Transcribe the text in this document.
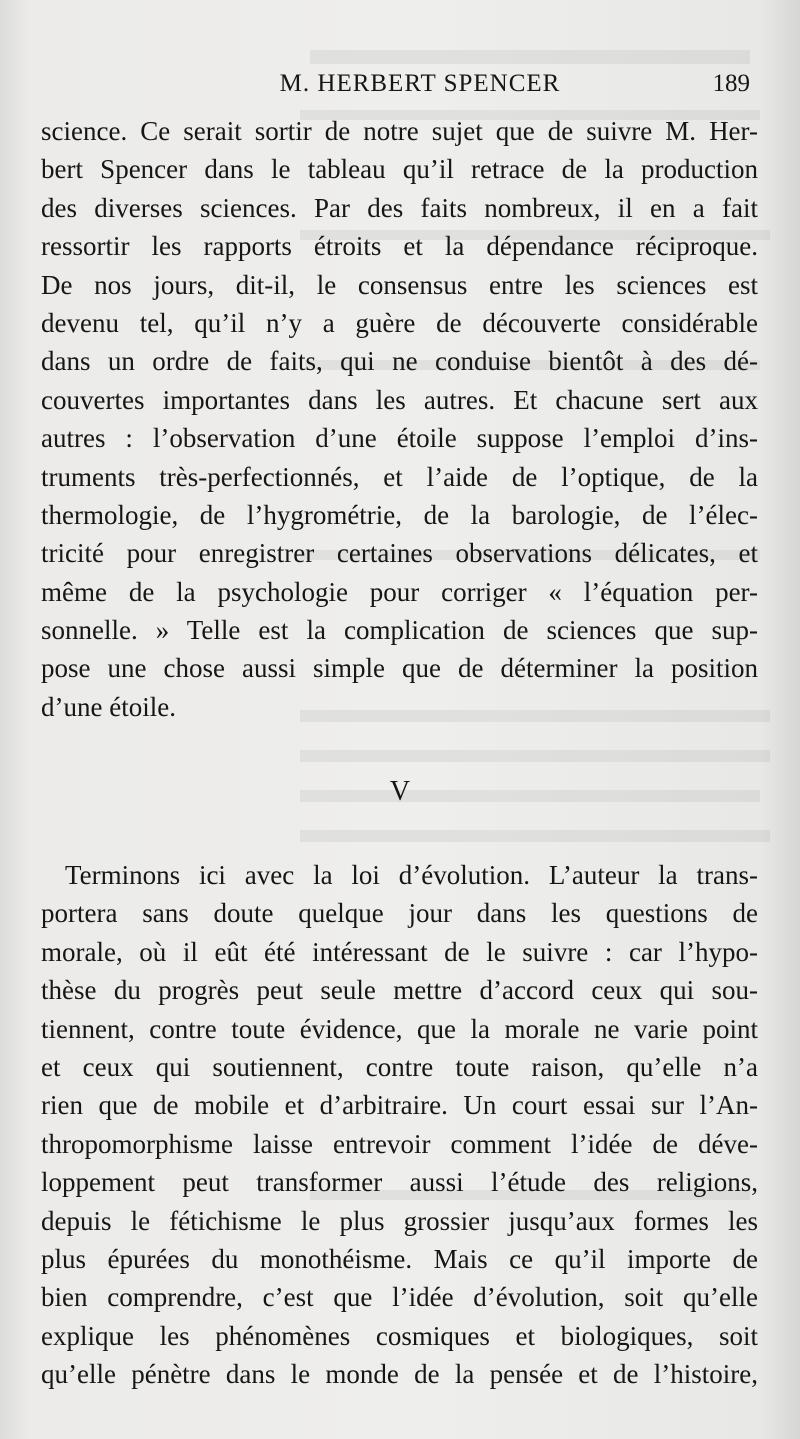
M. HERBERT SPENCER	189
science. Ce serait sortir de notre sujet que de suivre M. Her-
bert Spencer dans le tableau qu’il retrace de la production
des diverses sciences. Par des faits nombreux, il en a fait
ressortir les rapports étroits et la dépendance réciproque.
De nos jours, dit-il, le consensus entre les sciences est
devenu tel, qu’il n’y a guère de découverte considérable
dans un ordre de faits, qui ne conduise bientôt à des dé-
couvertes importantes dans les autres. Et chacune sert aux
autres : l’observation d’une étoile suppose l’emploi d’ins-
truments très-perfectionnés, et l’aide de l’optique, de la
thermologie, de l’hygrométrie, de la barologie, de l’élec-
tricité pour enregistrer certaines observations délicates, et
même de la psychologie pour corriger « l’équation per-
sonnelle. » Telle est la complication de sciences que sup-
pose une chose aussi simple que de déterminer la position
d’une étoile.
V
Terminons ici avec la loi d’évolution. L’auteur la trans-
portera sans doute quelque jour dans les questions de
morale, où il eût été intéressant de le suivre : car l’hypo-
thèse du progrès peut seule mettre d’accord ceux qui sou-
tiennent, contre toute évidence, que la morale ne varie point
et ceux qui soutiennent, contre toute raison, qu’elle n’a
rien que de mobile et d’arbitraire. Un court essai sur l’An-
thropomorphisme laisse entrevoir comment l’idée de déve-
loppement peut transformer aussi l’étude des religions,
depuis le fétichisme le plus grossier jusqu’aux formes les
plus épurées du monothéisme. Mais ce qu’il importe de
bien comprendre, c’est que l’idée d’évolution, soit qu’elle
explique les phénomènes cosmiques et biologiques, soit
qu’elle pénètre dans le monde de la pensée et de l’histoire,
